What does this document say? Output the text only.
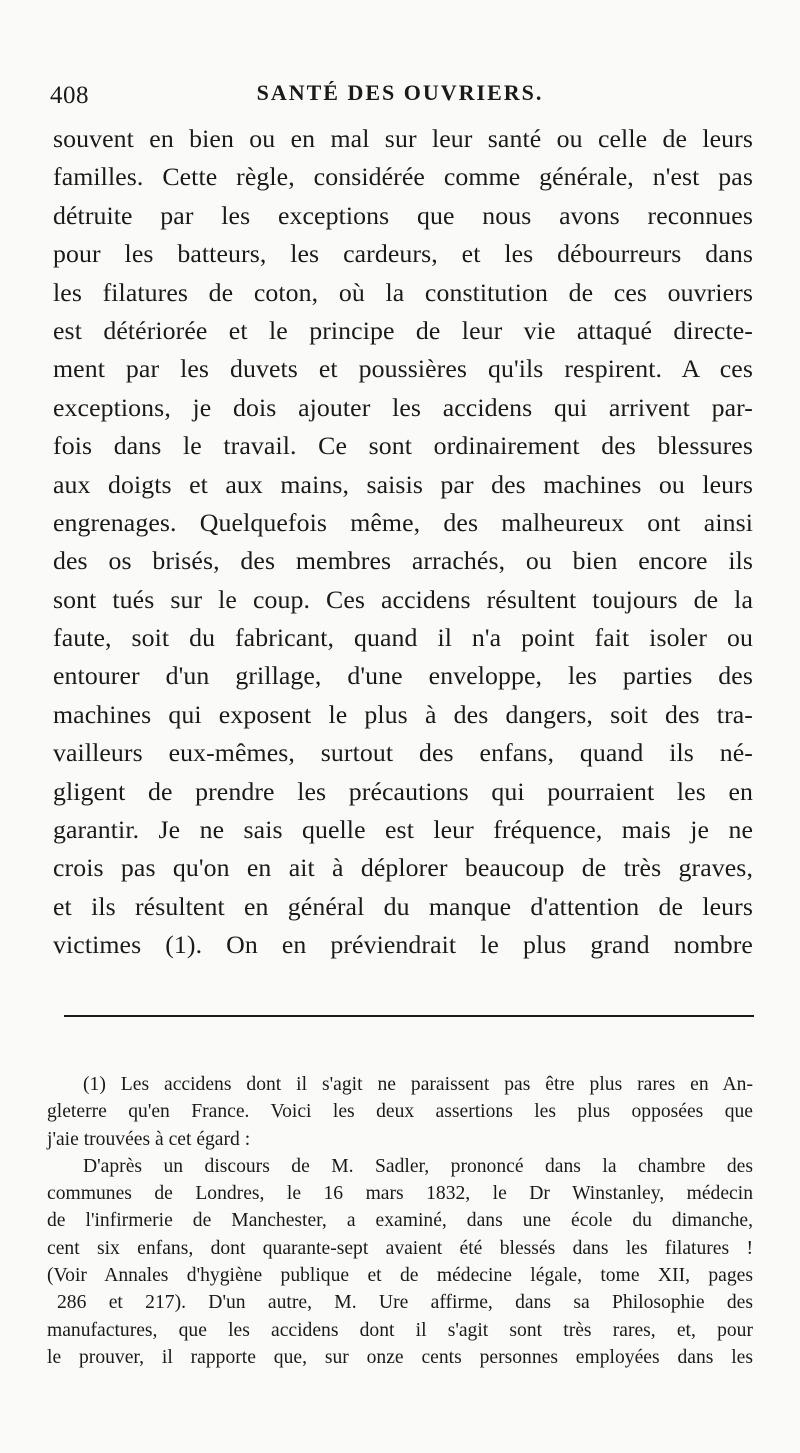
408	SANTÉ DES OUVRIERS.
souvent en bien ou en mal sur leur santé ou celle de leurs
familles. Cette règle, considérée comme générale, n'est pas
détruite par les exceptions que nous avons reconnues
pour les batteurs, les cardeurs, et les débourreurs dans
les filatures de coton, où la constitution de ces ouvriers
est détériorée et le principe de leur vie attaqué directe-
ment par les duvets et poussières qu'ils respirent. A ces
exceptions, je dois ajouter les accidens qui arrivent par-
fois dans le travail. Ce sont ordinairement des blessures
aux doigts et aux mains, saisis par des machines ou leurs
engrenages. Quelquefois même, des malheureux ont ainsi
des os brisés, des membres arrachés, ou bien encore ils
sont tués sur le coup. Ces accidens résultent toujours de la
faute, soit du fabricant, quand il n'a point fait isoler ou
entourer d'un grillage, d'une enveloppe, les parties des
machines qui exposent le plus à des dangers, soit des tra-
vailleurs eux-mêmes, surtout des enfans, quand ils né-
gligent de prendre les précautions qui pourraient les en
garantir. Je ne sais quelle est leur fréquence, mais je ne
crois pas qu'on en ait à déplorer beaucoup de très graves,
et ils résultent en général du manque d'attention de leurs
victimes (1). On en préviendrait le plus grand nombre
(1) Les accidens dont il s'agit ne paraissent pas être plus rares en An-
gleterre qu'en France. Voici les deux assertions les plus opposées que
j'aie trouvées à cet égard :
D'après un discours de M. Sadler, prononcé dans la chambre des
communes de Londres, le 16 mars 1832, le Dr Winstanley, médecin
de l'infirmerie de Manchester, a examiné, dans une école du dimanche,
cent six enfans, dont quarante-sept avaient été blessés dans les filatures !
(Voir Annales d'hygiène publique et de médecine légale, tome XII, pages
286 et 217). D'un autre, M. Ure affirme, dans sa Philosophie des
manufactures, que les accidens dont il s'agit sont très rares, et, pour
le prouver, il rapporte que, sur onze cents personnes employées dans les
